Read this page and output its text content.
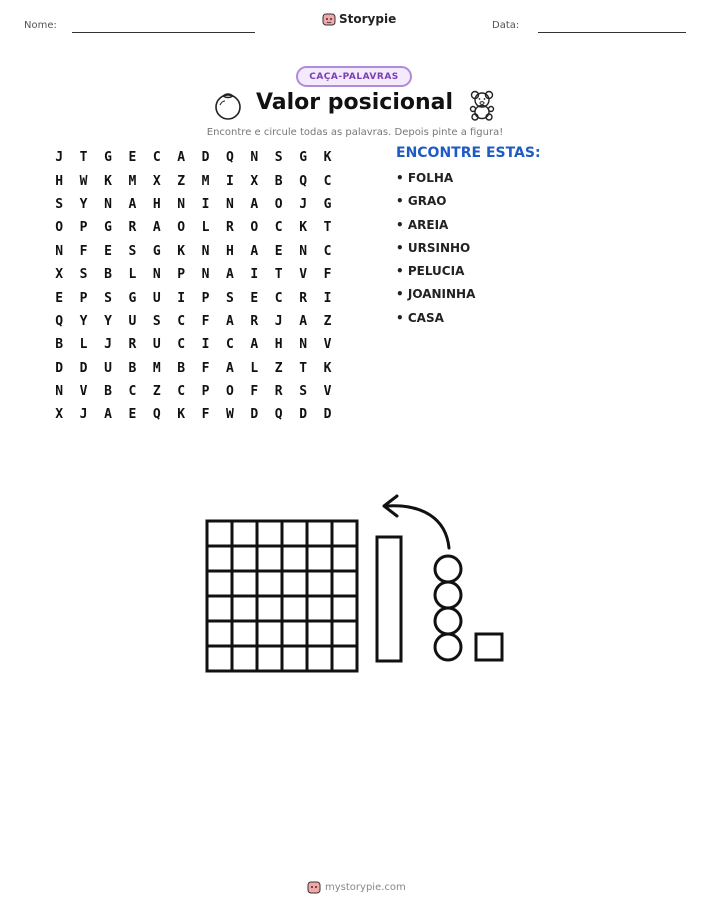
Nome:	Storypie	Data:
CAÇA-PALAVRAS
Valor posicional
Encontre e circule todas as palavras. Depois pinte a figura!
J	T	G	E	C	A	D	Q	N	S	G	K
H	W	K	M	X	Z	M	I	X	B	Q	C
S	Y	N	A	H	N	I	N	A	O	J	G
O	P	G	R	A	O	L	R	O	C	K	T
N	F	E	S	G	K	N	H	A	E	N	C
X	S	B	L	N	P	N	A	I	T	V	F
E	P	S	G	U	I	P	S	E	C	R	I
Q	Y	Y	U	S	C	F	A	R	J	A	Z
B	L	J	R	U	C	I	C	A	H	N	V
D	D	U	B	M	B	F	A	L	Z	T	K
N	V	B	C	Z	C	P	O	F	R	S	V
X	J	A	E	Q	K	F	W	D	Q	D	D
ENCONTRE ESTAS:
• FOLHA
• GRAO
• AREIA
• URSINHO
• PELUCIA
• JOANINHA
• CASA
mystorypie.com
